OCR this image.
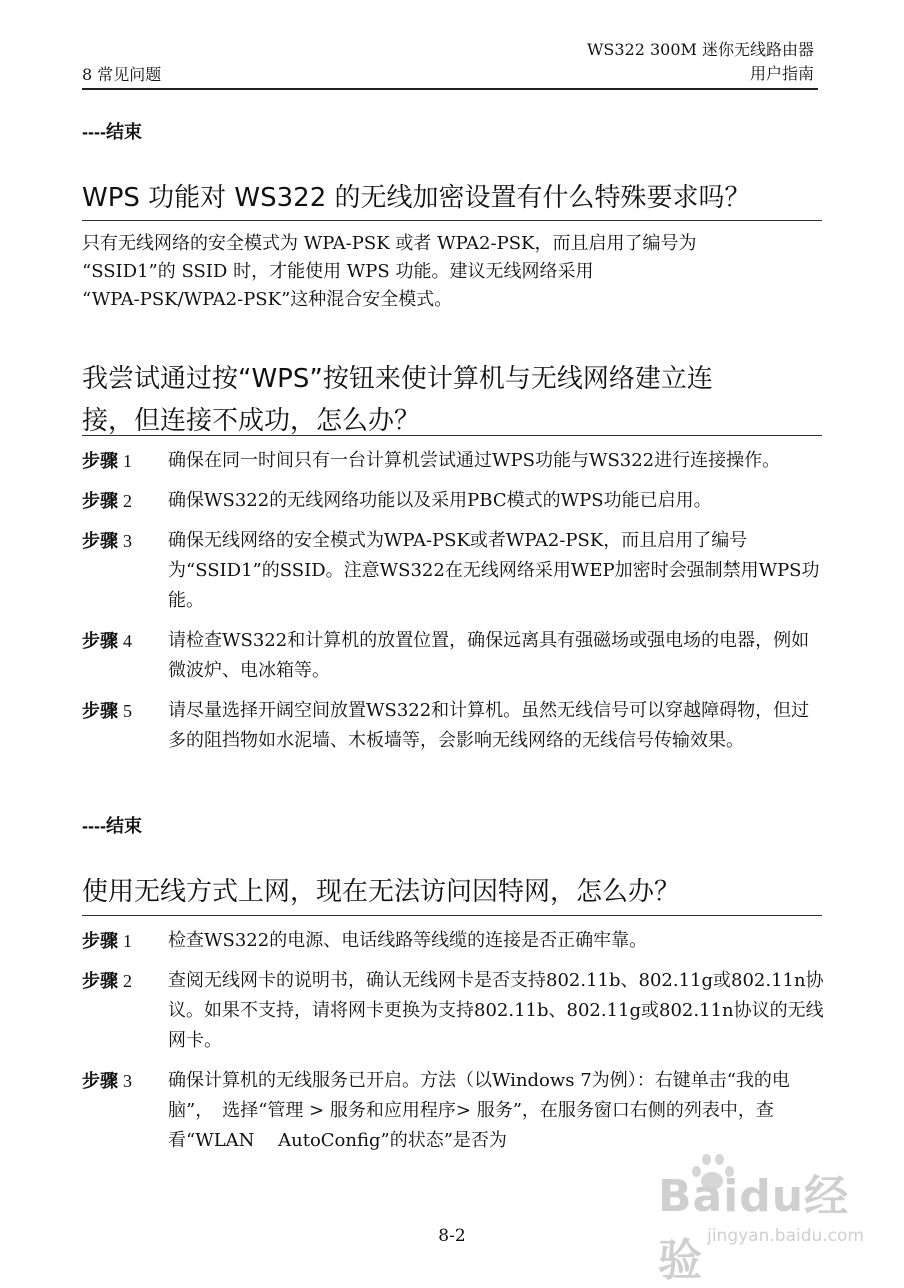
8 常见问题
WS322 300M 迷你无线路由器
用户指南
----结束
WPS 功能对 WS322 的无线加密设置有什么特殊要求吗？
只有无线网络的安全模式为 WPA-PSK 或者 WPA2-PSK，而且启用了编号为
“SSID1”的 SSID 时，才能使用 WPS 功能。建议无线网络采用
“WPA-PSK/WPA2-PSK”这种混合安全模式。
我尝试通过按“WPS”按钮来使计算机与无线网络建立连
接，但连接不成功，怎么办？
步骤 1	确保在同一时间只有一台计算机尝试通过WPS功能与WS322进行连接操作。
步骤 2	确保WS322的无线网络功能以及采用PBC模式的WPS功能已启用。
步骤 3	确保无线网络的安全模式为WPA-PSK或者WPA2-PSK，而且启用了编号为“SSID1”的SSID。注意WS322在无线网络采用WEP加密时会强制禁用WPS功能。
步骤 4	请检查WS322和计算机的放置位置，确保远离具有强磁场或强电场的电器，例如微波炉、电冰箱等。
步骤 5	请尽量选择开阔空间放置WS322和计算机。虽然无线信号可以穿越障碍物，但过多的阻挡物如水泥墙、木板墙等，会影响无线网络的无线信号传输效果。
----结束
使用无线方式上网，现在无法访问因特网，怎么办？
步骤 1	检查WS322的电源、电话线路等线缆的连接是否正确牢靠。
步骤 2	查阅无线网卡的说明书，确认无线网卡是否支持802.11b、802.11g或802.11n协议。如果不支持，请将网卡更换为支持802.11b、802.11g或802.11n协议的无线网卡。
步骤 3	确保计算机的无线服务已开启。方法（以Windows 7为例）：右键单击“我的电脑”，　选择“管理 > 服务和应用程序> 服务”，在服务窗口右侧的列表中，查看“WLAN　 AutoConfig”的状态”是否为
8-2
Baidu经验 jingyan.baidu.com
